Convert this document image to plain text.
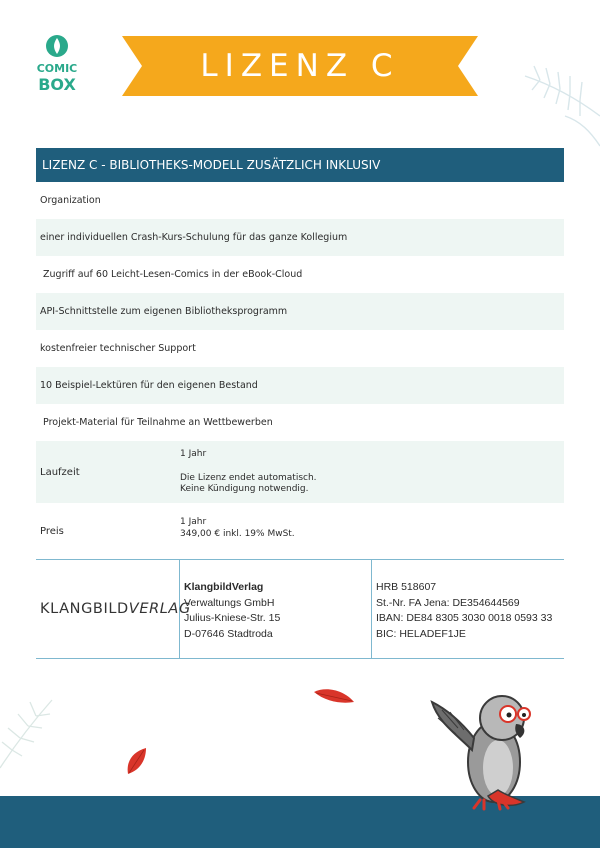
COMIC
BOX
LIZENZ C
LIZENZ C - BIBLIOTHEKS-MODELL ZUSÄTZLICH INKLUSIV
Organization
einer individuellen Crash-Kurs-Schulung für das ganze Kollegium
Zugriff auf 60 Leicht-Lesen-Comics in der eBook-Cloud
API-Schnittstelle zum eigenen Bibliotheksprogramm
kostenfreier technischer Support
10 Beispiel-Lektüren für den eigenen Bestand
Projekt-Material für Teilnahme an Wettbewerben
Laufzeit
1 Jahr
Die Lizenz endet automatisch.
Keine Kündigung notwendig.
Preis
1 Jahr
349,00 € inkl. 19% MwSt.
KLANGBILDVERLAG
KlangbildVerlag
Verwaltungs GmbH
Julius-Kniese-Str. 15
D-07646 Stadtroda
HRB 518607
St.-Nr. FA Jena: DE354644569
IBAN: DE84 8305 3030 0018 0593 33
BIC: HELADEF1JE
